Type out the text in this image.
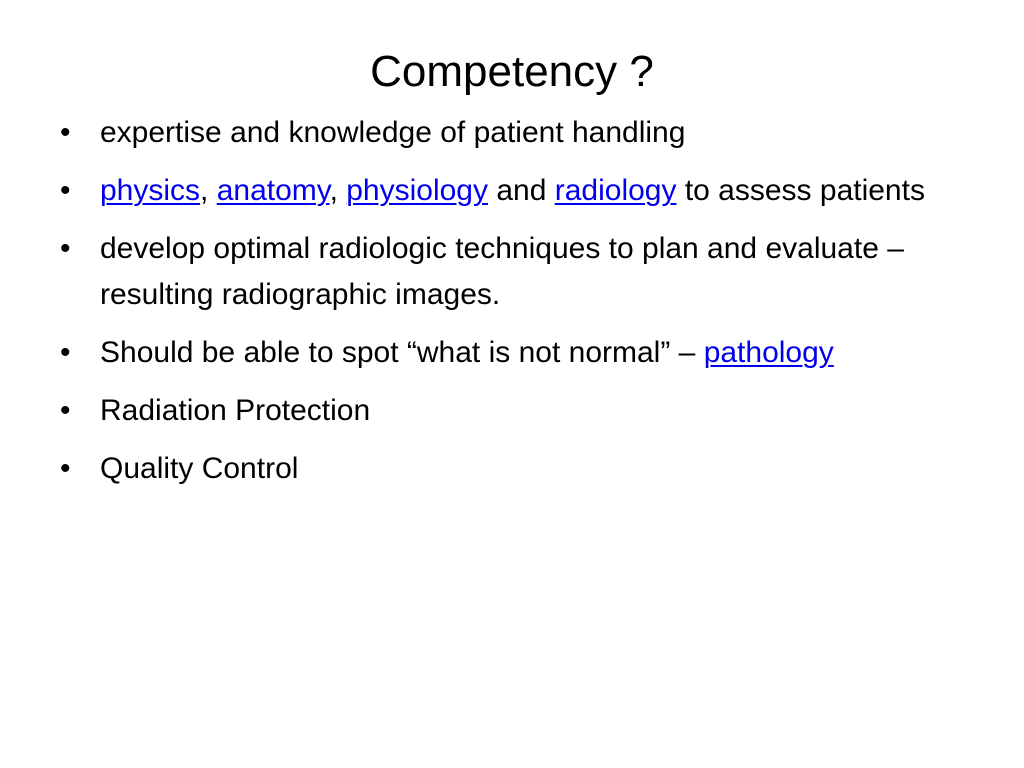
Competency ?
• expertise and knowledge of patient handling
• physics, anatomy, physiology and radiology to assess patients
• develop optimal radiologic techniques to plan and evaluate – resulting radiographic images.
• Should be able to spot “what is not normal” – pathology
• Radiation Protection
• Quality Control
